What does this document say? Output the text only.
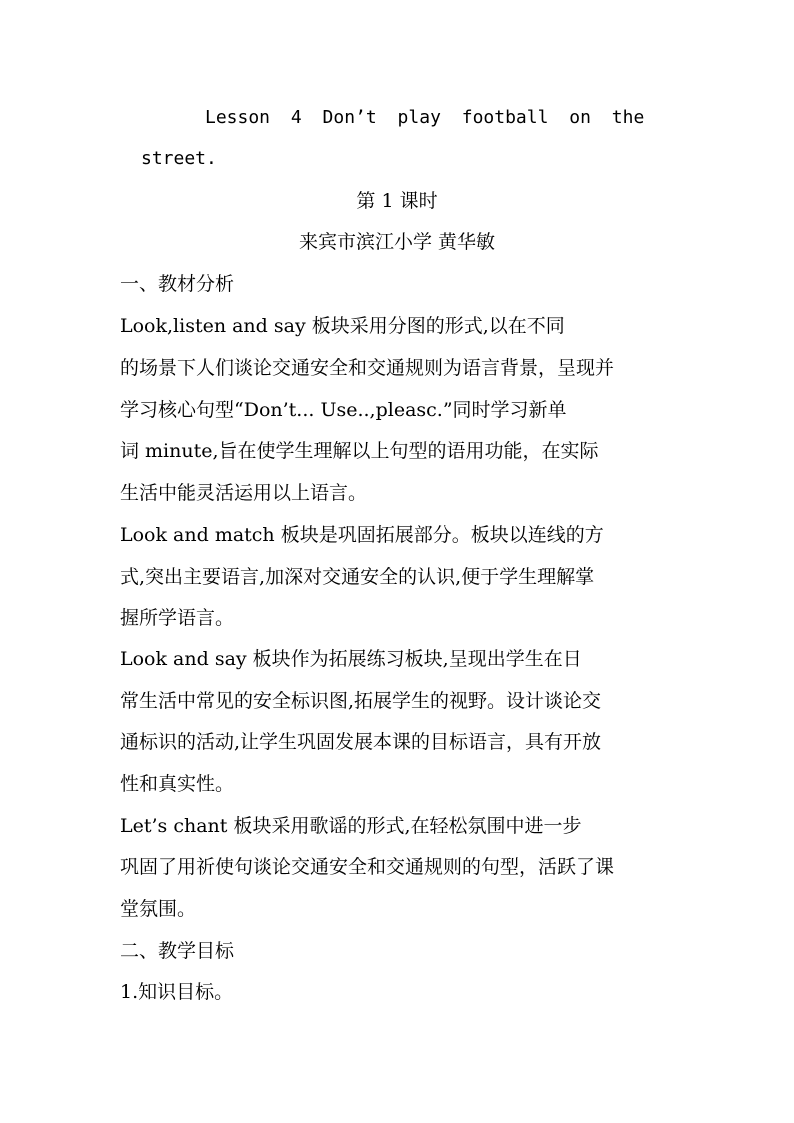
Lesson 4 Don’t play football on the
street.
第 1 课时
来宾市滨江小学 黄华敏
一、教材分析
Look,listen and say 板块采用分图的形式,以在不同
的场景下人们谈论交通安全和交通规则为语言背景，呈现并
学习核心句型“Don’t... Use..,pleasc.”同时学习新单
词 minute,旨在使学生理解以上句型的语用功能，在实际
生活中能灵活运用以上语言。
Look and match 板块是巩固拓展部分。板块以连线的方
式,突出主要语言,加深对交通安全的认识,便于学生理解掌
握所学语言。
Look and say 板块作为拓展练习板块,呈现出学生在日
常生活中常见的安全标识图,拓展学生的视野。设计谈论交
通标识的活动,让学生巩固发展本课的目标语言，具有开放
性和真实性。
Let’s chant 板块采用歌谣的形式,在轻松氛围中进一步
巩固了用祈使句谈论交通安全和交通规则的句型，活跃了课
堂氛围。
二、教学目标
1.知识目标。
